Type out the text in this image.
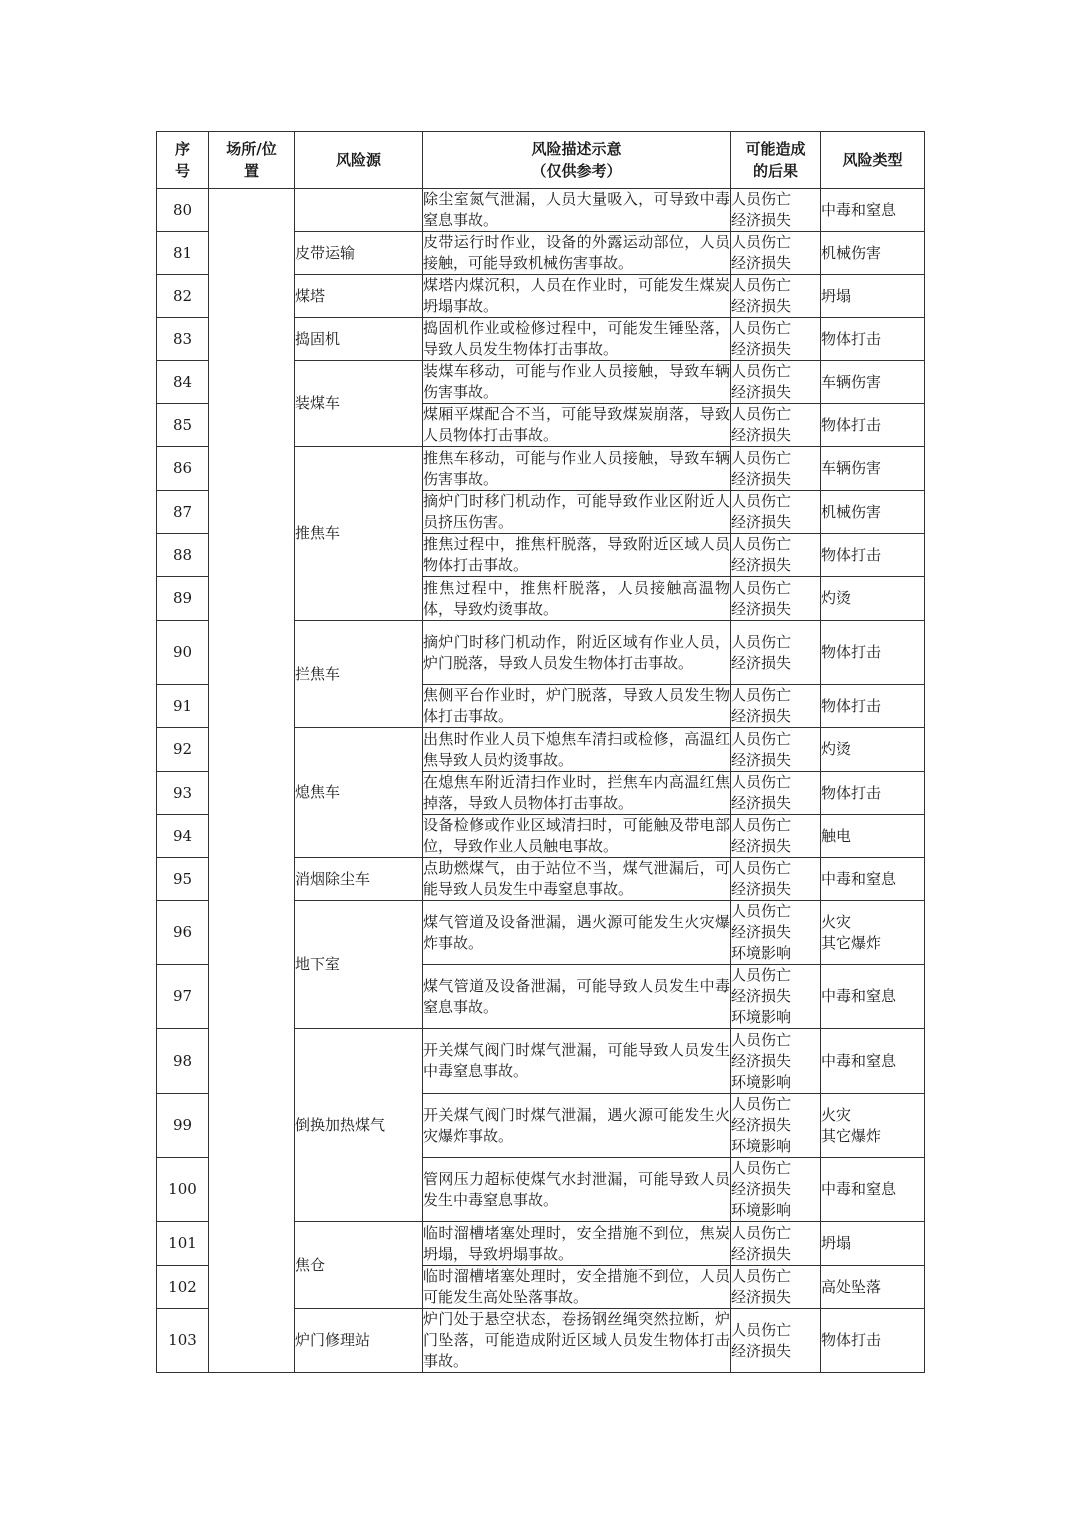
序
号	场所/位
置	风险源	风险描述示意
（仅供参考）	可能造成
的后果	风险类型
80			除尘室氮气泄漏，人员大量吸入，可导致中毒窒息事故。	人员伤亡
经济损失	中毒和窒息
81		皮带运输	皮带运行时作业，设备的外露运动部位，人员接触，可能导致机械伤害事故。	人员伤亡
经济损失	机械伤害
82		煤塔	煤塔内煤沉积，人员在作业时，可能发生煤炭坍塌事故。	人员伤亡
经济损失	坍塌
83		捣固机	捣固机作业或检修过程中，可能发生锤坠落，导致人员发生物体打击事故。	人员伤亡
经济损失	物体打击
84		装煤车	装煤车移动，可能与作业人员接触，导致车辆伤害事故。	人员伤亡
经济损失	车辆伤害
85			煤厢平煤配合不当，可能导致煤炭崩落，导致人员物体打击事故。	人员伤亡
经济损失	物体打击
86		推焦车	推焦车移动，可能与作业人员接触，导致车辆伤害事故。	人员伤亡
经济损失	车辆伤害
87			摘炉门时移门机动作，可能导致作业区附近人员挤压伤害。	人员伤亡
经济损失	机械伤害
88			推焦过程中，推焦杆脱落，导致附近区域人员物体打击事故。	人员伤亡
经济损失	物体打击
89			推焦过程中，推焦杆脱落，人员接触高温物体，导致灼烫事故。	人员伤亡
经济损失	灼烫
90		拦焦车	摘炉门时移门机动作，附近区域有作业人员，炉门脱落，导致人员发生物体打击事故。	人员伤亡
经济损失	物体打击
91			焦侧平台作业时，炉门脱落，导致人员发生物体打击事故。	人员伤亡
经济损失	物体打击
92		熄焦车	出焦时作业人员下熄焦车清扫或检修，高温红焦导致人员灼烫事故。	人员伤亡
经济损失	灼烫
93			在熄焦车附近清扫作业时，拦焦车内高温红焦掉落，导致人员物体打击事故。	人员伤亡
经济损失	物体打击
94			设备检修或作业区域清扫时，可能触及带电部位，导致作业人员触电事故。	人员伤亡
经济损失	触电
95		消烟除尘车	点助燃煤气，由于站位不当，煤气泄漏后，可能导致人员发生中毒窒息事故。	人员伤亡
经济损失	中毒和窒息
96		地下室	煤气管道及设备泄漏，遇火源可能发生火灾爆炸事故。	人员伤亡
经济损失
环境影响	火灾
其它爆炸
97			煤气管道及设备泄漏，可能导致人员发生中毒窒息事故。	人员伤亡
经济损失
环境影响	中毒和窒息
98		倒换加热煤气	开关煤气阀门时煤气泄漏，可能导致人员发生中毒窒息事故。	人员伤亡
经济损失
环境影响	中毒和窒息
99			开关煤气阀门时煤气泄漏，遇火源可能发生火灾爆炸事故。	人员伤亡
经济损失
环境影响	火灾
其它爆炸
100			管网压力超标使煤气水封泄漏，可能导致人员发生中毒窒息事故。	人员伤亡
经济损失
环境影响	中毒和窒息
101		焦仓	临时溜槽堵塞处理时，安全措施不到位，焦炭坍塌，导致坍塌事故。	人员伤亡
经济损失	坍塌
102			临时溜槽堵塞处理时，安全措施不到位，人员可能发生高处坠落事故。	人员伤亡
经济损失	高处坠落
103		炉门修理站	炉门处于悬空状态，卷扬钢丝绳突然拉断，炉门坠落，可能造成附近区域人员发生物体打击事故。	人员伤亡
经济损失	物体打击
